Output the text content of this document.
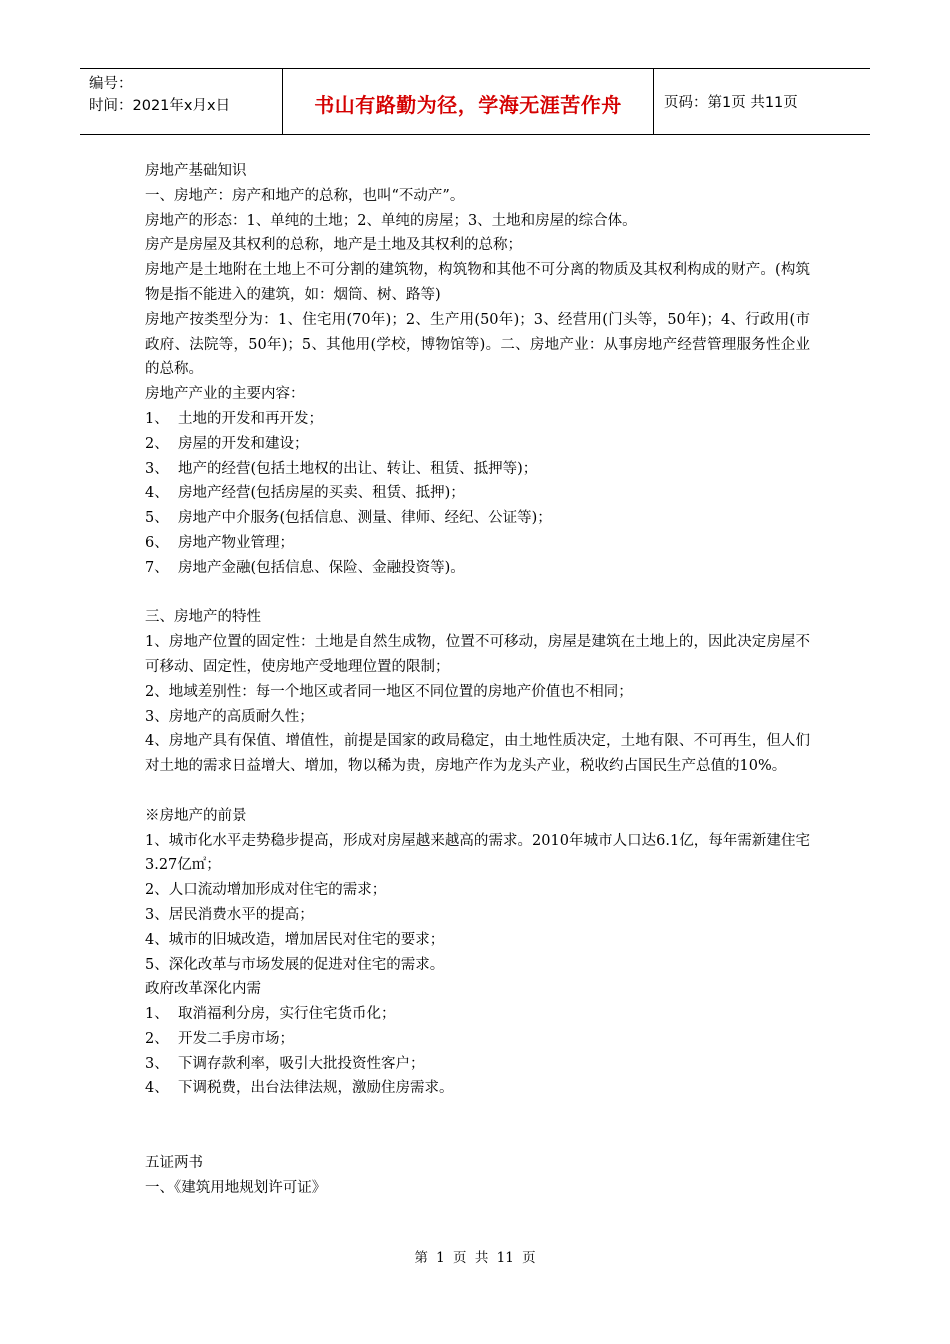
编号：
时间：2021年x月x日	书山有路勤为径，学海无涯苦作舟	页码：第1页 共11页

房地产基础知识

一、房地产：房产和地产的总称，也叫“不动产”。

房地产的形态：1、单纯的土地；2、单纯的房屋；3、土地和房屋的综合体。

房产是房屋及其权利的总称，地产是土地及其权利的总称；

房地产是土地附在土地上不可分割的建筑物，构筑物和其他不可分离的物质及其权利构成的财产。(构筑物是指不能进入的建筑，如：烟筒、树、路等)

房地产按类型分为：1、住宅用(70年)；2、生产用(50年)；3、经营用(门头等，50年)；4、行政用(市政府、法院等，50年)；5、其他用(学校，博物馆等)。二、房地产业：从事房地产经营管理服务性企业的总称。

房地产产业的主要内容：

1、 土地的开发和再开发；
2、 房屋的开发和建设；
3、 地产的经营(包括土地权的出让、转让、租赁、抵押等)；
4、 房地产经营(包括房屋的买卖、租赁、抵押)；
5、 房地产中介服务(包括信息、测量、律师、经纪、公证等)；
6、 房地产物业管理；
7、 房地产金融(包括信息、保险、金融投资等)。

三、房地产的特性

1、房地产位置的固定性：土地是自然生成物，位置不可移动，房屋是建筑在土地上的，因此决定房屋不可移动、固定性，使房地产受地理位置的限制；

2、地域差别性：每一个地区或者同一地区不同位置的房地产价值也不相同；

3、房地产的高质耐久性；

4、房地产具有保值、增值性，前提是国家的政局稳定，由土地性质决定，土地有限、不可再生，但人们对土地的需求日益增大、增加，物以稀为贵，房地产作为龙头产业，税收约占国民生产总值的10%。

※房地产的前景

1、城市化水平走势稳步提高，形成对房屋越来越高的需求。2010年城市人口达6.1亿，每年需新建住宅3.27亿㎡；

2、人口流动增加形成对住宅的需求；

3、居民消费水平的提高；

4、城市的旧城改造，增加居民对住宅的要求；

5、深化改革与市场发展的促进对住宅的需求。

政府改革深化内需

1、 取消福利分房，实行住宅货币化；
2、 开发二手房市场；
3、 下调存款利率，吸引大批投资性客户；
4、 下调税费，出台法律法规，激励住房需求。

五证两书

一、《建筑用地规划许可证》

第 1 页 共 11 页
